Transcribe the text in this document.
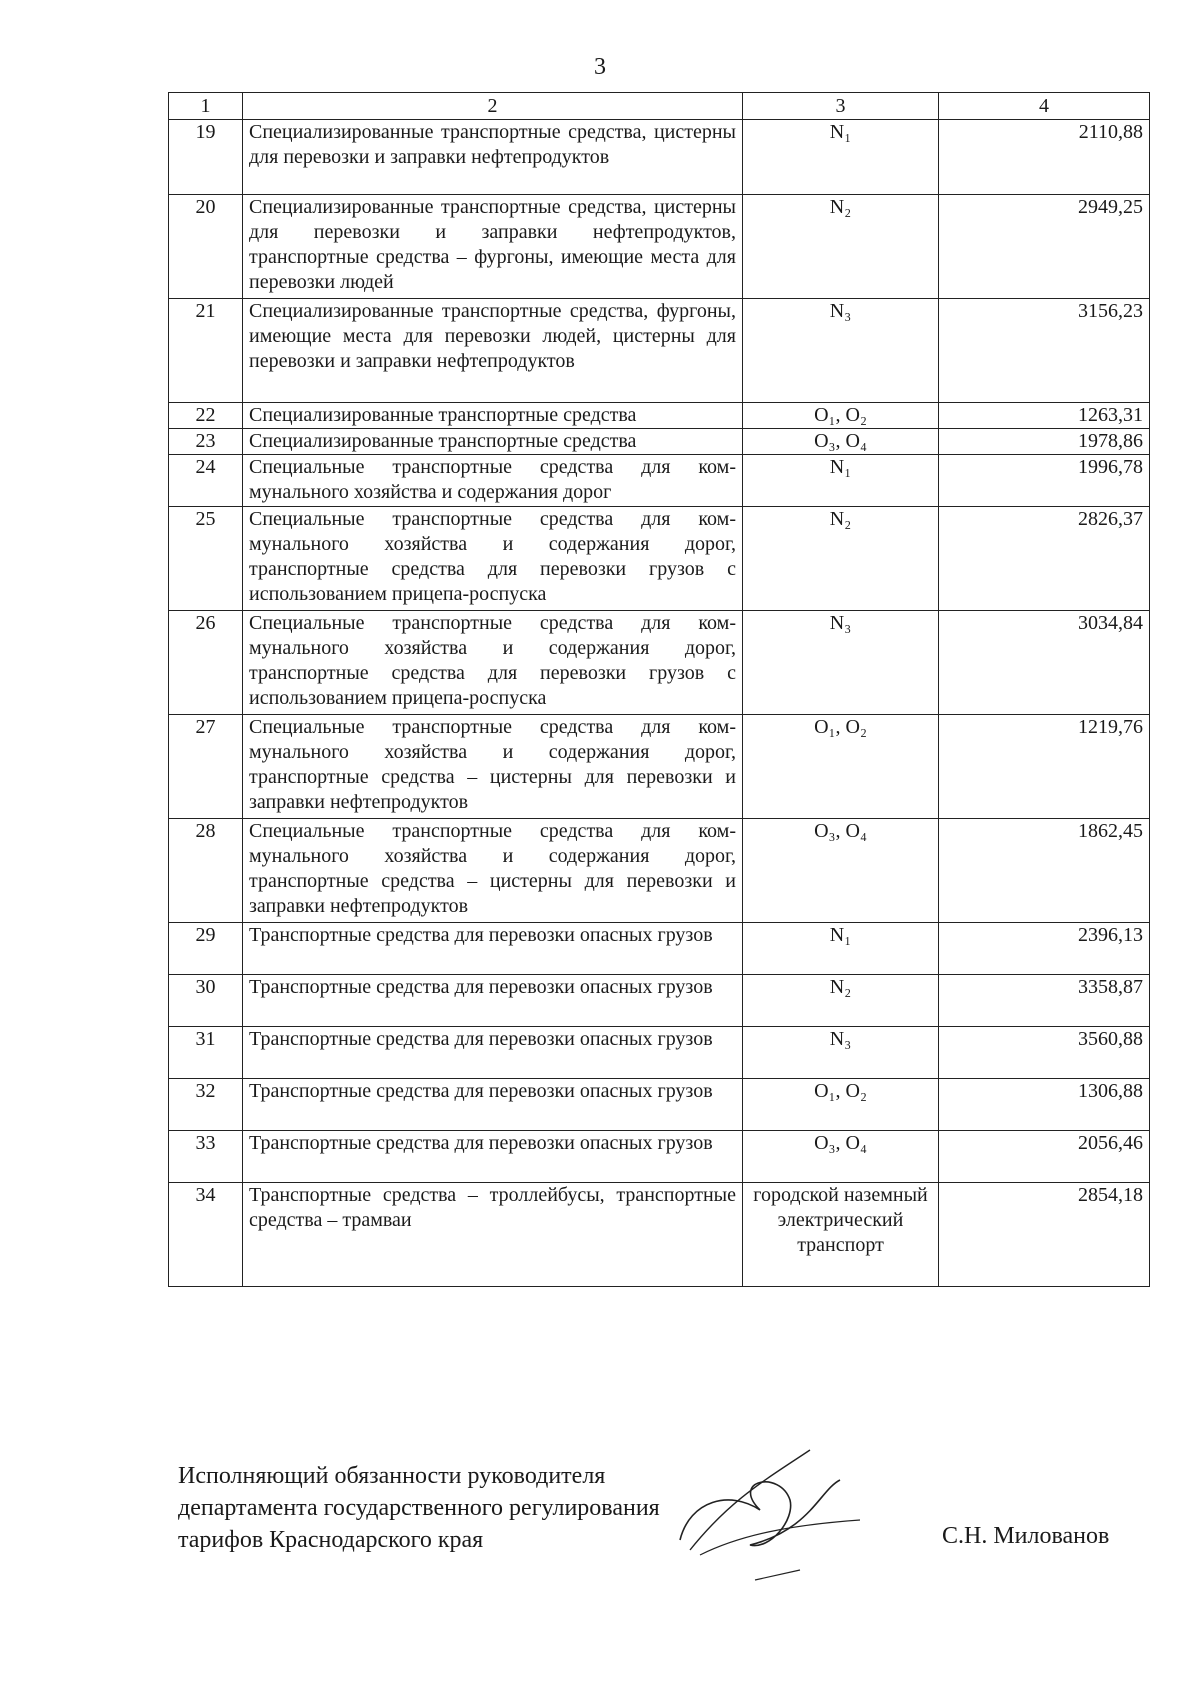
3
1	2	3	4
19	Специализированные транспортные средства, цистерны для перевозки и заправки нефтепродуктов	N₁	2110,88
20	Специализированные транспортные средства, цистерны для перевозки и заправки нефтепродуктов, транспортные средства – фургоны, имеющие места для перевозки людей	N₂	2949,25
21	Специализированные транспортные средства, фургоны, имеющие места для перевозки людей, цистерны для перевозки и заправки нефтепродуктов	N₃	3156,23
22	Специализированные транспортные средства	O₁, O₂	1263,31
23	Специализированные транспортные средства	O₃, O₄	1978,86
24	Специальные транспортные средства для коммунального хозяйства и содержания дорог	N₁	1996,78
25	Специальные транспортные средства для коммунального хозяйства и содержания дорог, транспортные средства для перевозки грузов с использованием прицепа-роспуска	N₂	2826,37
26	Специальные транспортные средства для коммунального хозяйства и содержания дорог, транспортные средства для перевозки грузов с использованием прицепа-роспуска	N₃	3034,84
27	Специальные транспортные средства для коммунального хозяйства и содержания дорог, транспортные средства – цистерны для перевозки и заправки нефтепродуктов	O₁, O₂	1219,76
28	Специальные транспортные средства для коммунального хозяйства и содержания дорог, транспортные средства – цистерны для перевозки и заправки нефтепродуктов	O₃, O₄	1862,45
29	Транспортные средства для перевозки опасных грузов	N₁	2396,13
30	Транспортные средства для перевозки опасных грузов	N₂	3358,87
31	Транспортные средства для перевозки опасных грузов	N₃	3560,88
32	Транспортные средства для перевозки опасных грузов	O₁, O₂	1306,88
33	Транспортные средства для перевозки опасных грузов	O₃, O₄	2056,46
34	Транспортные средства – троллейбусы, транспортные средства – трамваи	городской наземный электрический транспорт	2854,18
Исполняющий обязанности руководителя
департамента государственного регулирования
тарифов Краснодарского края	С.Н. Милованов
